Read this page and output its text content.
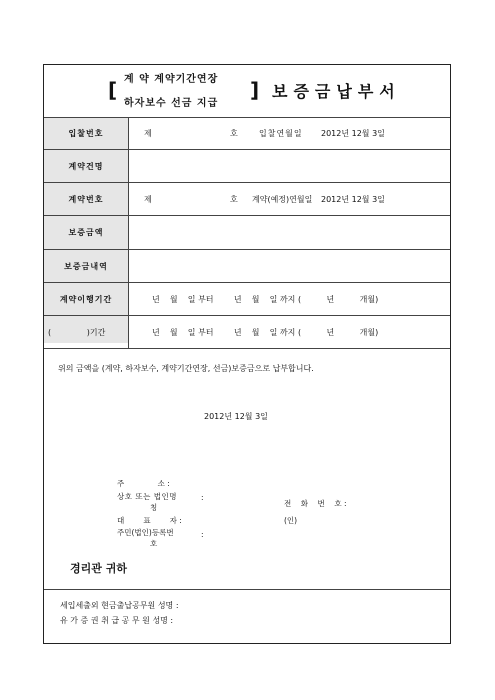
[ 계 약 계약기간연장
하자보수 선금 지급
] 보증금납부서
입찰번호	제	호	입찰연월일 2012년 12월 3일
계약건명
계약번호	제	호 계약(예정)연월일 2012년 12월 3일
보증금액
보증금내역
계약이행기간	년    월    일 부터        년    월    일 까지 (          년          개월)
(              )기간	년    월    일 부터        년    월    일 까지 (          년          개월)
위의 금액을 (계약, 하자보수, 계약기간연장, 선금)보증금으로 납부합니다.
2012년 12월 3일
주              소 :
상호 또는 법인명	:
칭
대        표        자 :
주민(법인)등록번	:
호
전    화    번    호 :
(인)
경리관 귀하
세입세출외 현금출납공무원 성명 :
유 가 증 권 취 급 공 무 원 성명 :
